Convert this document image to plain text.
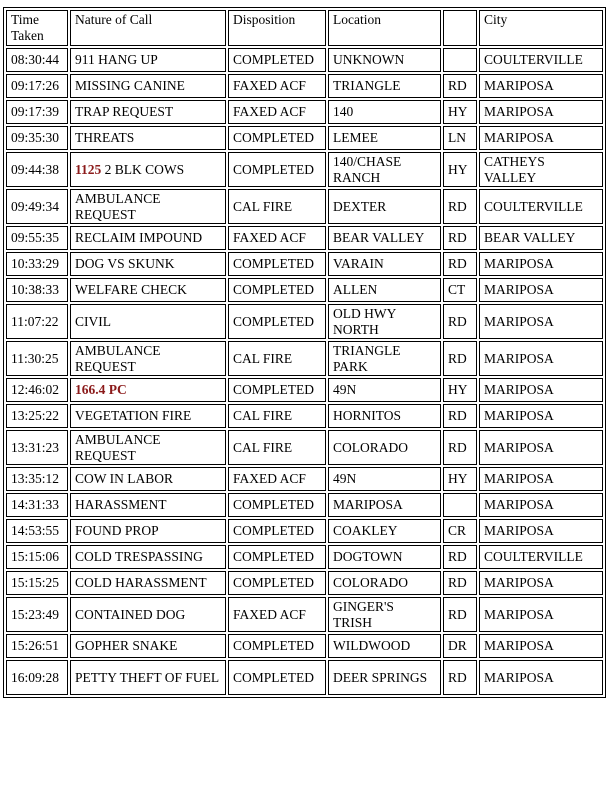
Time
Taken	Nature of Call	Disposition	Location		City
08:30:44	911 HANG UP	COMPLETED	UNKNOWN		COULTERVILLE
09:17:26	MISSING CANINE	FAXED ACF	TRIANGLE	RD	MARIPOSA
09:17:39	TRAP REQUEST	FAXED ACF	140	HY	MARIPOSA
09:35:30	THREATS	COMPLETED	LEMEE	LN	MARIPOSA
09:44:38	1125 2 BLK COWS	COMPLETED	140/CHASE RANCH	HY	CATHEYS VALLEY
09:49:34	AMBULANCE REQUEST	CAL FIRE	DEXTER	RD	COULTERVILLE
09:55:35	RECLAIM IMPOUND	FAXED ACF	BEAR VALLEY	RD	BEAR VALLEY
10:33:29	DOG VS SKUNK	COMPLETED	VARAIN	RD	MARIPOSA
10:38:33	WELFARE CHECK	COMPLETED	ALLEN	CT	MARIPOSA
11:07:22	CIVIL	COMPLETED	OLD HWY NORTH	RD	MARIPOSA
11:30:25	AMBULANCE REQUEST	CAL FIRE	TRIANGLE PARK	RD	MARIPOSA
12:46:02	166.4 PC	COMPLETED	49N	HY	MARIPOSA
13:25:22	VEGETATION FIRE	CAL FIRE	HORNITOS	RD	MARIPOSA
13:31:23	AMBULANCE REQUEST	CAL FIRE	COLORADO	RD	MARIPOSA
13:35:12	COW IN LABOR	FAXED ACF	49N	HY	MARIPOSA
14:31:33	HARASSMENT	COMPLETED	MARIPOSA		MARIPOSA
14:53:55	FOUND PROP	COMPLETED	COAKLEY	CR	MARIPOSA
15:15:06	COLD TRESPASSING	COMPLETED	DOGTOWN	RD	COULTERVILLE
15:15:25	COLD HARASSMENT	COMPLETED	COLORADO	RD	MARIPOSA
15:23:49	CONTAINED DOG	FAXED ACF	GINGER'S TRISH	RD	MARIPOSA
15:26:51	GOPHER SNAKE	COMPLETED	WILDWOOD	DR	MARIPOSA
16:09:28	PETTY THEFT OF FUEL	COMPLETED	DEER SPRINGS	RD	MARIPOSA
